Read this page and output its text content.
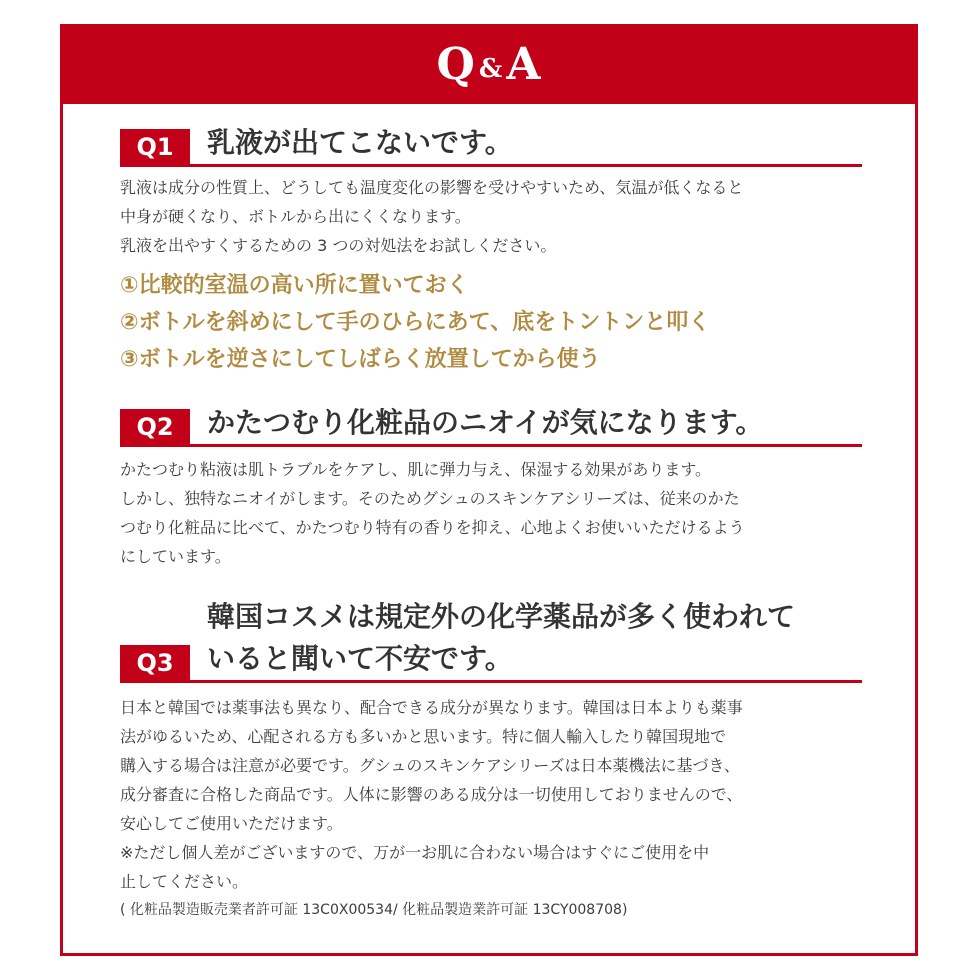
Q &A
Q1	乳液が出てこないです。
乳液は成分の性質上、どうしても温度変化の影響を受けやすいため、気温が低くなると
中身が硬くなり、ボトルから出にくくなります。
乳液を出やすくするための 3 つの対処法をお試しください。
①比較的室温の高い所に置いておく
②ボトルを斜めにして手のひらにあて、底をトントンと叩く
③ボトルを逆さにしてしばらく放置してから使う
Q2	かたつむり化粧品のニオイが気になります。
かたつむり粘液は肌トラブルをケアし、肌に弾力与え、保湿する効果があります。
しかし、独特なニオイがします。そのためグシュのスキンケアシリーズは、従来のかた
つむり化粧品に比べて、かたつむり特有の香りを抑え、心地よくお使いいただけるよう
にしています。
Q3
韓国コスメは規定外の化学薬品が多く使われて
いると聞いて不安です。
日本と韓国では薬事法も異なり、配合できる成分が異なります。韓国は日本よりも薬事
法がゆるいため、心配される方も多いかと思います。特に個人輸入したり韓国現地で
購入する場合は注意が必要です。グシュのスキンケアシリーズは日本薬機法に基づき、
成分審査に合格した商品です。人体に影響のある成分は一切使用しておりませんので、
安心してご使用いただけます。
※ただし個人差がございますので、万が一お肌に合わない場合はすぐにご使用を中
止してください。
( 化粧品製造販売業者許可証 13C0X00534/ 化粧品製造業許可証 13CY008708)
